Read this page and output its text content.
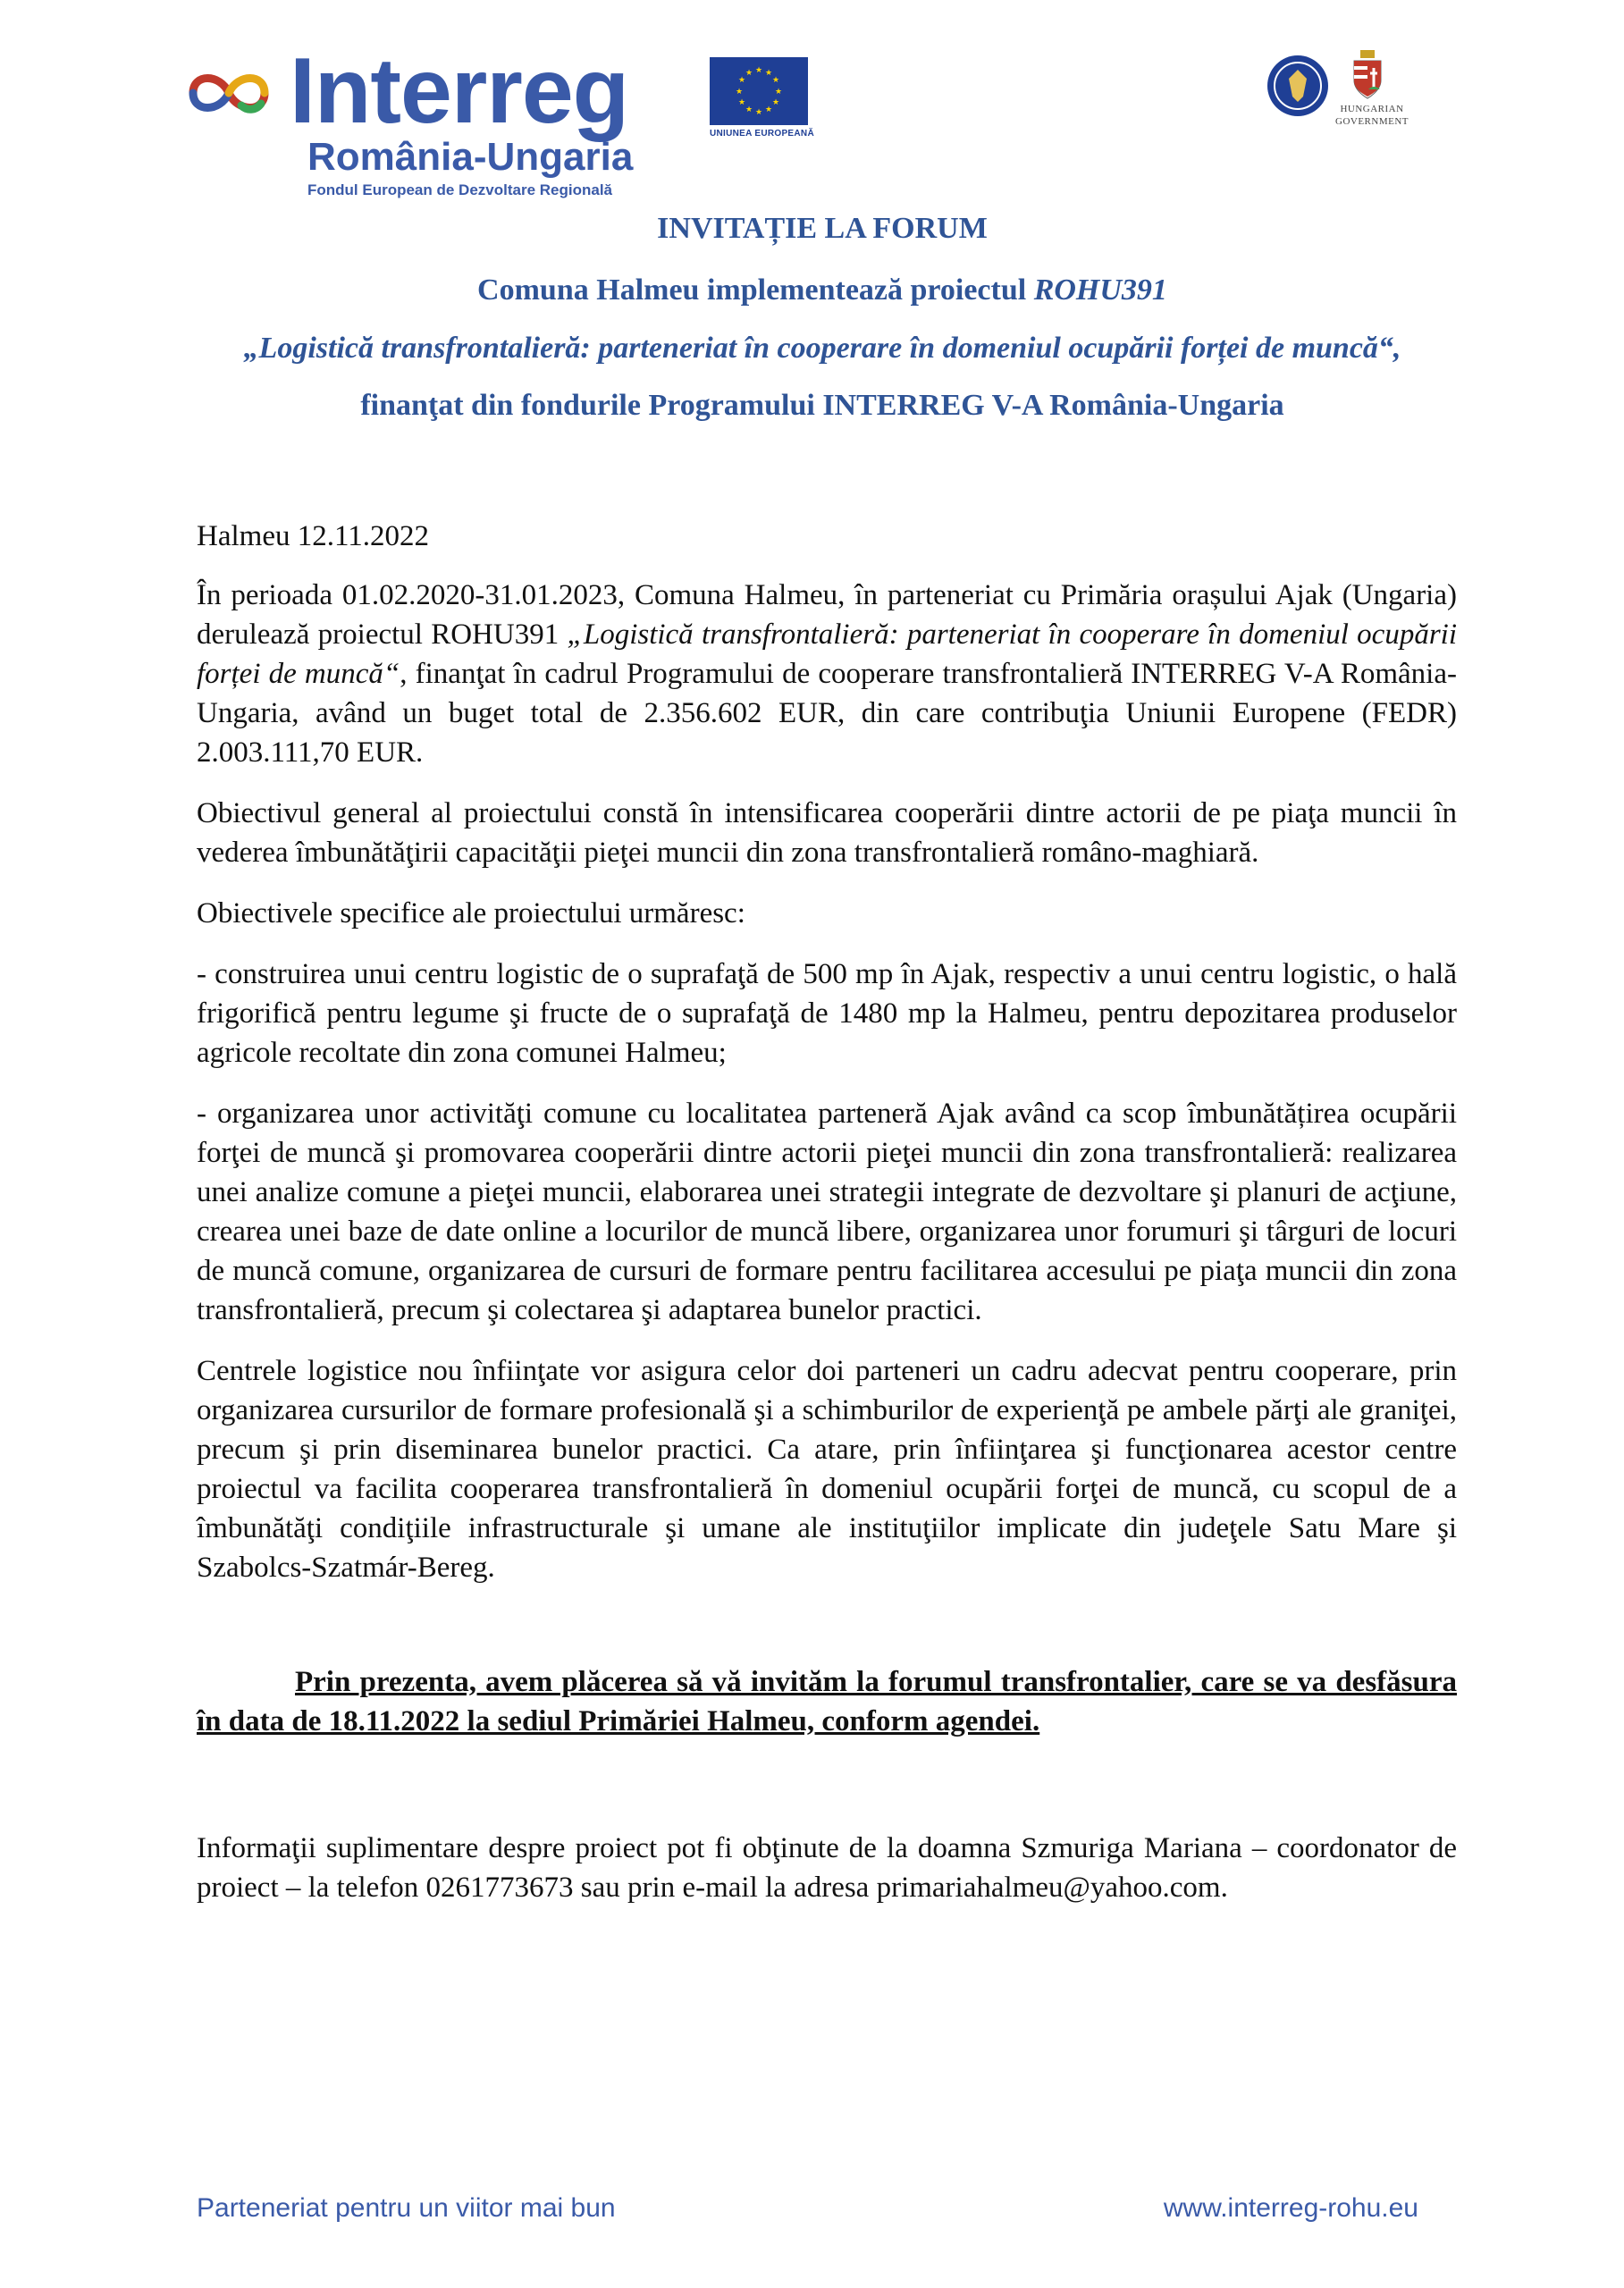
Interreg
România-Ungaria
Fondul European de Dezvoltare Regională
★ ★
★
★
★
★
★
★
★
★
★
★
UNIUNEA EUROPEANĂ
HUNGARIAN
GOVERNMENT

INVITAȚIE LA FORUM

Comuna Halmeu implementează proiectul ROHU391

„Logistică transfrontalieră: parteneriat în cooperare în domeniul ocupării forței de muncă“,

finanţat din fondurile Programului INTERREG V-A România-Ungaria

Halmeu 12.11.2022

În perioada 01.02.2020-31.01.2023, Comuna Halmeu, în parteneriat cu Primăria orașului Ajak (Ungaria) derulează proiectul ROHU391 „Logistică transfrontalieră: parteneriat în cooperare în domeniul ocupării forței de muncă“, finanţat în cadrul Programului de cooperare transfrontalieră INTERREG V-A România-Ungaria, având un buget total de 2.356.602 EUR, din care contribuţia Uniunii Europene (FEDR) 2.003.111,70 EUR.

Obiectivul general al proiectului constă în intensificarea cooperării dintre actorii de pe piaţa muncii în vederea îmbunătăţirii capacităţii pieţei muncii din zona transfrontalieră româno-maghiară.

Obiectivele specifice ale proiectului urmăresc:

- construirea unui centru logistic de o suprafaţă de 500 mp în Ajak, respectiv a unui centru logistic, o hală frigorifică pentru legume şi fructe de o suprafaţă de 1480 mp la Halmeu, pentru depozitarea produselor agricole recoltate din zona comunei Halmeu;

- organizarea unor activităţi comune cu localitatea parteneră Ajak având ca scop îmbunătățirea ocupării forţei de muncă şi promovarea cooperării dintre actorii pieţei muncii din zona transfrontalieră: realizarea unei analize comune a pieţei muncii, elaborarea unei strategii integrate de dezvoltare şi planuri de acţiune, crearea unei baze de date online a locurilor de muncă libere, organizarea unor forumuri şi târguri de locuri de muncă comune, organizarea de cursuri de formare pentru facilitarea accesului pe piaţa muncii din zona transfrontalieră, precum şi colectarea şi adaptarea bunelor practici.

Centrele logistice nou înfiinţate vor asigura celor doi parteneri un cadru adecvat pentru cooperare, prin organizarea cursurilor de formare profesională şi a schimburilor de experienţă pe ambele părţi ale graniţei, precum şi prin diseminarea bunelor practici. Ca atare, prin înfiinţarea şi funcţionarea acestor centre proiectul va facilita cooperarea transfrontalieră în domeniul ocupării forţei de muncă, cu scopul de a îmbunătăţi condiţiile infrastructurale şi umane ale instituţiilor implicate din judeţele Satu Mare şi Szabolcs-Szatmár-Bereg.

Prin prezenta, avem plăcerea să vă invităm la forumul transfrontalier, care se va desfăsura în data de 18.11.2022 la sediul Primăriei Halmeu, conform agendei.

Informaţii suplimentare despre proiect pot fi obţinute de la doamna Szmuriga Mariana – coordonator de proiect – la telefon 0261773673 sau prin e-mail la adresa primariahalmeu@yahoo.com.

Parteneriat pentru un viitor mai bun	www.interreg-rohu.eu
